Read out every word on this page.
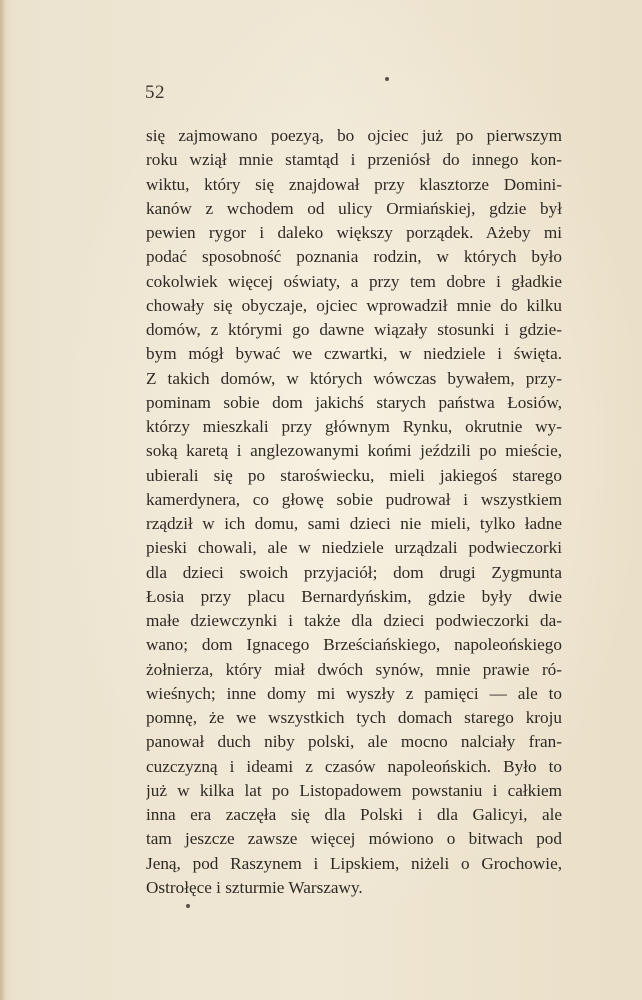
52
się zajmowano poezyą, bo ojciec już po pierwszym
roku wziął mnie stamtąd i przeniósł do innego kon-
wiktu, który się znajdował przy klasztorze Domini-
kanów z wchodem od ulicy Ormiańskiej, gdzie był
pewien rygor i daleko większy porządek. Ażeby mi
podać sposobność poznania rodzin, w których było
cokolwiek więcej oświaty, a przy tem dobre i gładkie
chowały się obyczaje, ojciec wprowadził mnie do kilku
domów, z którymi go dawne wiązały stosunki i gdzie-
bym mógł bywać we czwartki, w niedziele i święta.
Z takich domów, w których wówczas bywałem, przy-
pominam sobie dom jakichś starych państwa Łosiów,
którzy mieszkali przy głównym Rynku, okrutnie wy-
soką karetą i anglezowanymi końmi jeździli po mieście,
ubierali się po staroświecku, mieli jakiegoś starego
kamerdynera, co głowę sobie pudrował i wszystkiem
rządził w ich domu, sami dzieci nie mieli, tylko ładne
pieski chowali, ale w niedziele urządzali podwieczorki
dla dzieci swoich przyjaciół; dom drugi Zygmunta
Łosia przy placu Bernardyńskim, gdzie były dwie
małe dziewczynki i także dla dzieci podwieczorki da-
wano; dom Ignacego Brześciańskiego, napoleońskiego
żołnierza, który miał dwóch synów, mnie prawie ró-
wieśnych; inne domy mi wyszły z pamięci — ale to
pomnę, że we wszystkich tych domach starego kroju
panował duch niby polski, ale mocno nalciały fran-
cuzczyzną i ideami z czasów napoleońskich. Było to
już w kilka lat po Listopadowem powstaniu i całkiem
inna era zaczęła się dla Polski i dla Galicyi, ale
tam jeszcze zawsze więcej mówiono o bitwach pod
Jeną, pod Raszynem i Lipskiem, niżeli o Grochowie,
Ostrołęce i szturmie Warszawy.
